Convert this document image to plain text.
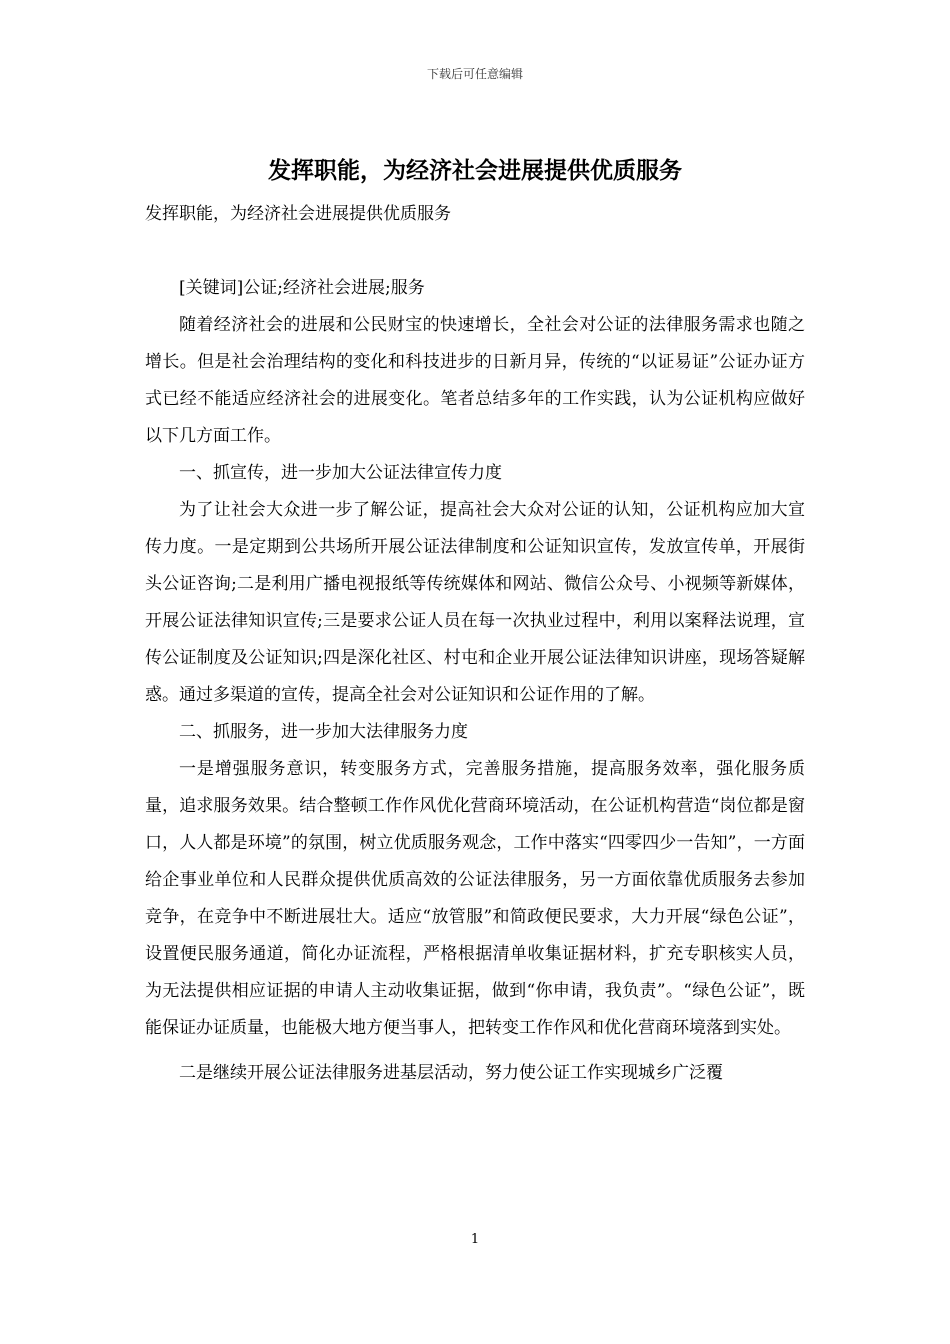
下载后可任意编辑
发挥职能，为经济社会进展提供优质服务

发挥职能，为经济社会进展提供优质服务

[关键词]公证;经济社会进展;服务

随着经济社会的进展和公民财宝的快速增长，全社会对公证的法律服务需求也随之增长。但是社会治理结构的变化和科技进步的日新月异，传统的“以证易证”公证办证方式已经不能适应经济社会的进展变化。笔者总结多年的工作实践，认为公证机构应做好以下几方面工作。

一、抓宣传，进一步加大公证法律宣传力度

为了让社会大众进一步了解公证，提高社会大众对公证的认知，公证机构应加大宣传力度。一是定期到公共场所开展公证法律制度和公证知识宣传，发放宣传单，开展街头公证咨询;二是利用广播电视报纸等传统媒体和网站、微信公众号、小视频等新媒体，开展公证法律知识宣传;三是要求公证人员在每一次执业过程中，利用以案释法说理，宣传公证制度及公证知识;四是深化社区、村屯和企业开展公证法律知识讲座，现场答疑解惑。通过多渠道的宣传，提高全社会对公证知识和公证作用的了解。

二、抓服务，进一步加大法律服务力度

一是增强服务意识，转变服务方式，完善服务措施，提高服务效率，强化服务质量，追求服务效果。结合整顿工作作风优化营商环境活动，在公证机构营造“岗位都是窗口，人人都是环境”的氛围，树立优质服务观念，工作中落实“四零四少一告知”，一方面给企事业单位和人民群众提供优质高效的公证法律服务，另一方面依靠优质服务去参加竞争，在竞争中不断进展壮大。适应“放管服”和简政便民要求，大力开展“绿色公证”，设置便民服务通道，简化办证流程，严格根据清单收集证据材料，扩充专职核实人员，为无法提供相应证据的申请人主动收集证据，做到“你申请，我负责”。“绿色公证”，既能保证办证质量，也能极大地方便当事人，把转变工作作风和优化营商环境落到实处。

二是继续开展公证法律服务进基层活动，努力使公证工作实现城乡广泛覆

1
